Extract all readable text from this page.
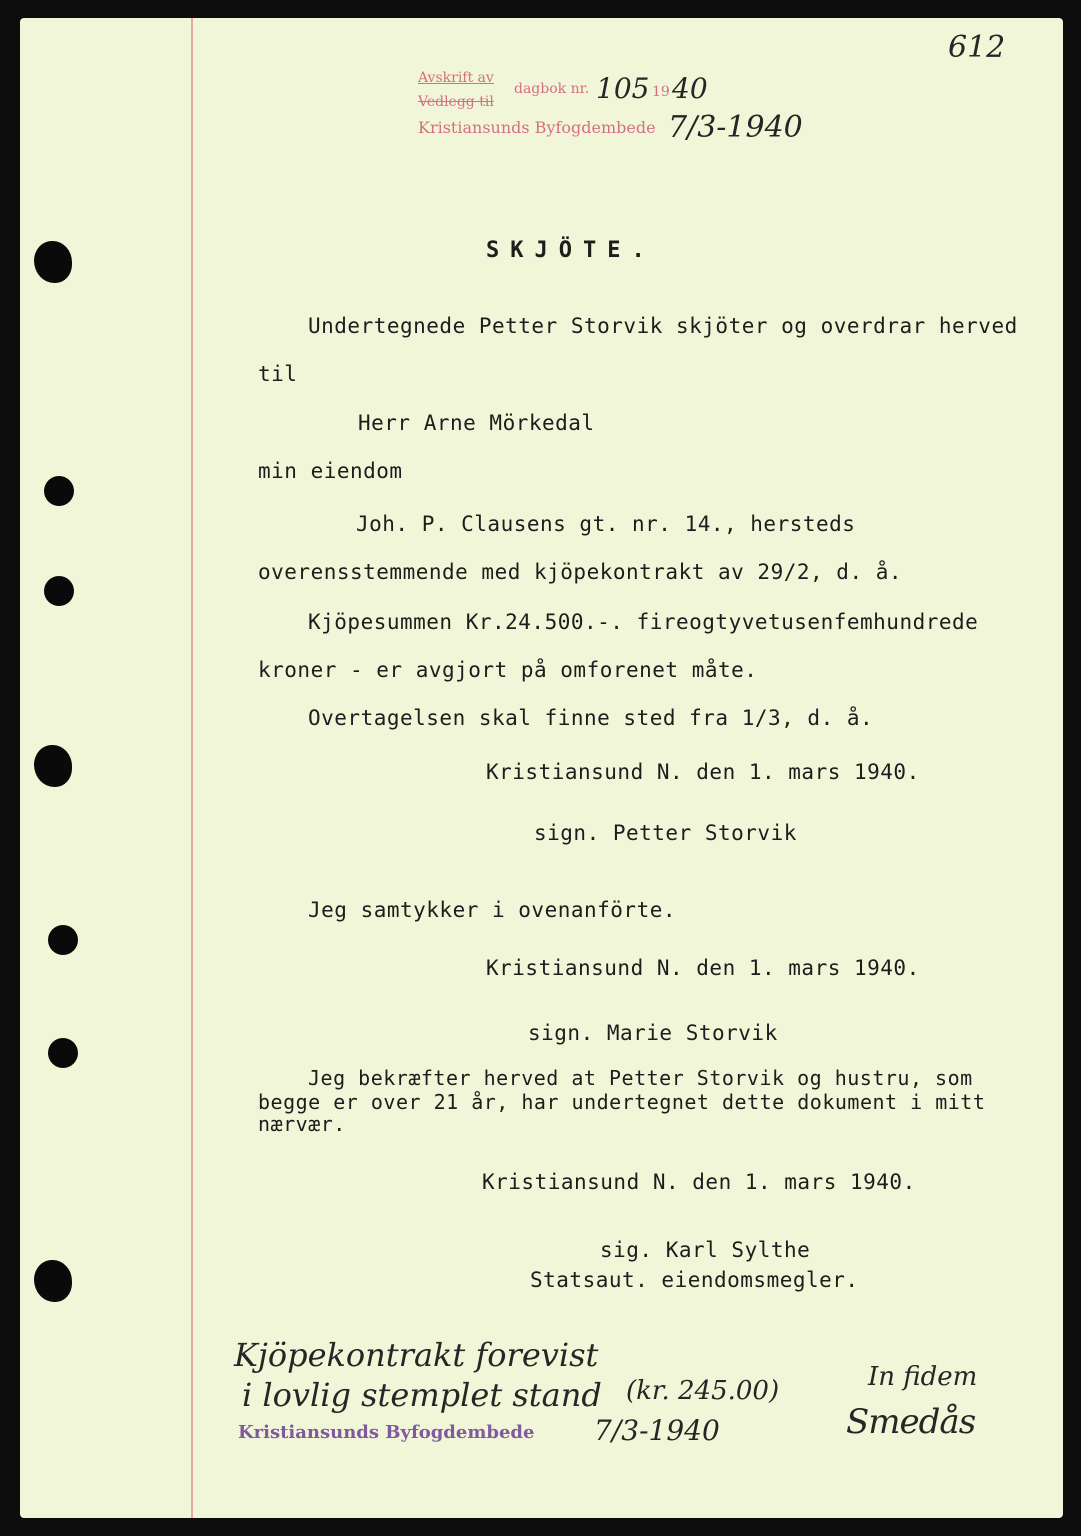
612
Avskrift av
dagbok nr. 105 19 40
Vedlegg til
Kristiansunds Byfogdembede 7/3-1940
SKJÖTE.
Undertegnede Petter Storvik skjöter og overdrar herved
til
Herr Arne Mörkedal
min eiendom
Joh. P. Clausens gt. nr. 14., hersteds
overensstemmende med kjöpekontrakt av 29/2, d. å.
Kjöpesummen Kr.24.500.-. fireogtyvetusenfemhundrede
kroner - er avgjort på omforenet måte.
Overtagelsen skal finne sted fra 1/3, d. å.
Kristiansund N. den 1. mars 1940.
sign. Petter Storvik
Jeg samtykker i ovenanförte.
Kristiansund N. den 1. mars 1940.
sign. Marie Storvik
Jeg bekræfter herved at Petter Storvik og hustru, som
begge er over 21 år, har undertegnet dette dokument i mitt
nærvær.
Kristiansund N. den 1. mars 1940.
sig. Karl Sylthe
Statsaut. eiendomsmegler.
Kjöpekontrakt forevist
i lovlig stemplet stand (kr. 245.00)
Kristiansunds Byfogdembede 7/3-1940
In fidem
Smedås
